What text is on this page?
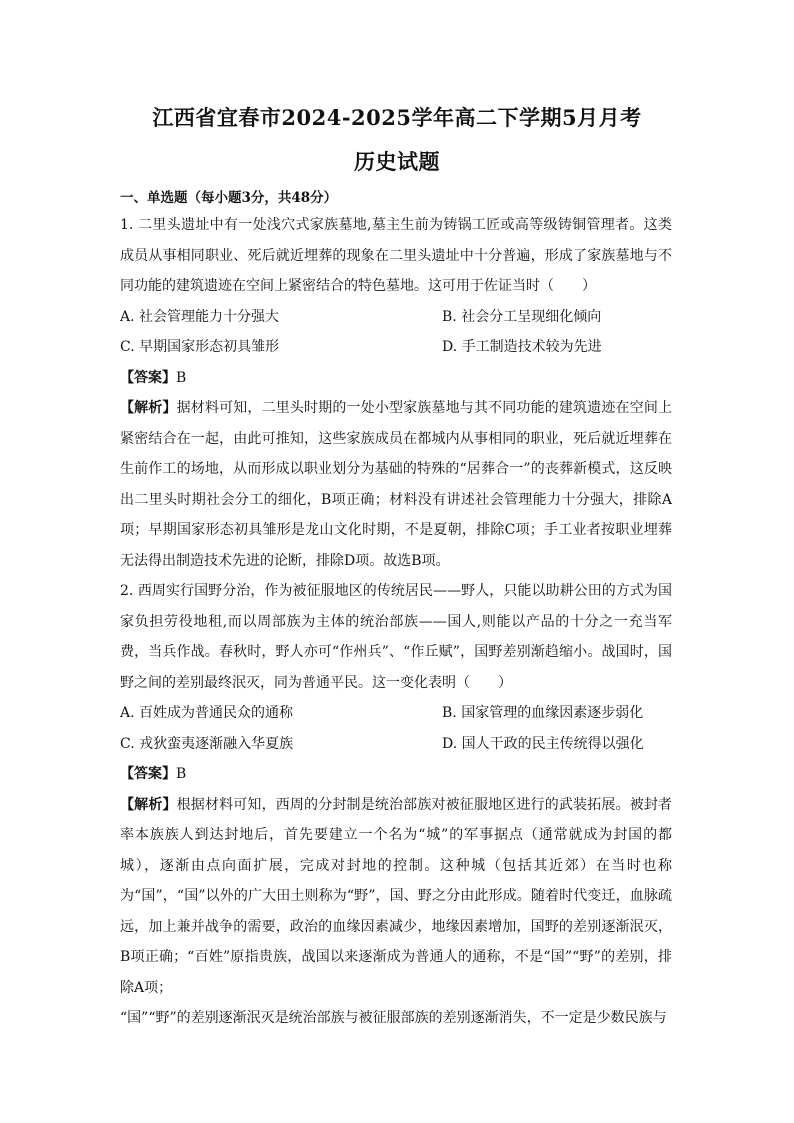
江西省宜春市2024-2025学年高二下学期5月月考
历史试题
一、单选题（每小题3分，共48分）

1. 二里头遗址中有一处浅穴式家族墓地,墓主生前为铸锅工匠或高等级铸铜管理者。这类成员从事相同职业、死后就近埋葬的现象在二里头遗址中十分普遍，形成了家族墓地与不同功能的建筑遗迹在空间上紧密结合的特色墓地。这可用于佐证当时（　　）

A. 社会管理能力十分强大	B. 社会分工呈现细化倾向
C. 早期国家形态初具雏形	D. 手工制造技术较为先进

【答案】B

【解析】据材料可知，二里头时期的一处小型家族墓地与其不同功能的建筑遗迹在空间上紧密结合在一起，由此可推知，这些家族成员在都城内从事相同的职业，死后就近埋葬在生前作工的场地，从而形成以职业划分为基础的特殊的“居葬合一”的丧葬新模式，这反映出二里头时期社会分工的细化，B项正确；材料没有讲述社会管理能力十分强大，排除A项；早期国家形态初具雏形是龙山文化时期，不是夏朝，排除C项；手工业者按职业埋葬无法得出制造技术先进的论断，排除D项。故选B项。

2. 西周实行国野分治，作为被征服地区的传统居民——野人，只能以助耕公田的方式为国家负担劳役地租,而以周部族为主体的统治部族——国人,则能以产品的十分之一充当军费，当兵作战。春秋时，野人亦可“作州兵”、“作丘赋”，国野差别渐趋缩小。战国时，国野之间的差别最终泯灭，同为普通平民。这一变化表明（　　）

A. 百姓成为普通民众的通称	B. 国家管理的血缘因素逐步弱化
C. 戎狄蛮夷逐渐融入华夏族	D. 国人干政的民主传统得以强化

【答案】B

【解析】根据材料可知，西周的分封制是统治部族对被征服地区进行的武装拓展。被封者率本族族人到达封地后，首先要建立一个名为“城”的军事据点（通常就成为封国的都城），逐渐由点向面扩展，完成对封地的控制。这种城（包括其近郊）在当时也称为“国”，“国”以外的广大田土则称为“野”，国、野之分由此形成。随着时代变迁，血脉疏远，加上兼并战争的需要，政治的血缘因素减少，地缘因素增加，国野的差别逐渐泯灭，B项正确；“百姓”原指贵族，战国以来逐渐成为普通人的通称，不是“国”“野”的差别，排除A项；

“国”“野”的差别逐渐泯灭是统治部族与被征服部族的差别逐渐消失，不一定是少数民族与
